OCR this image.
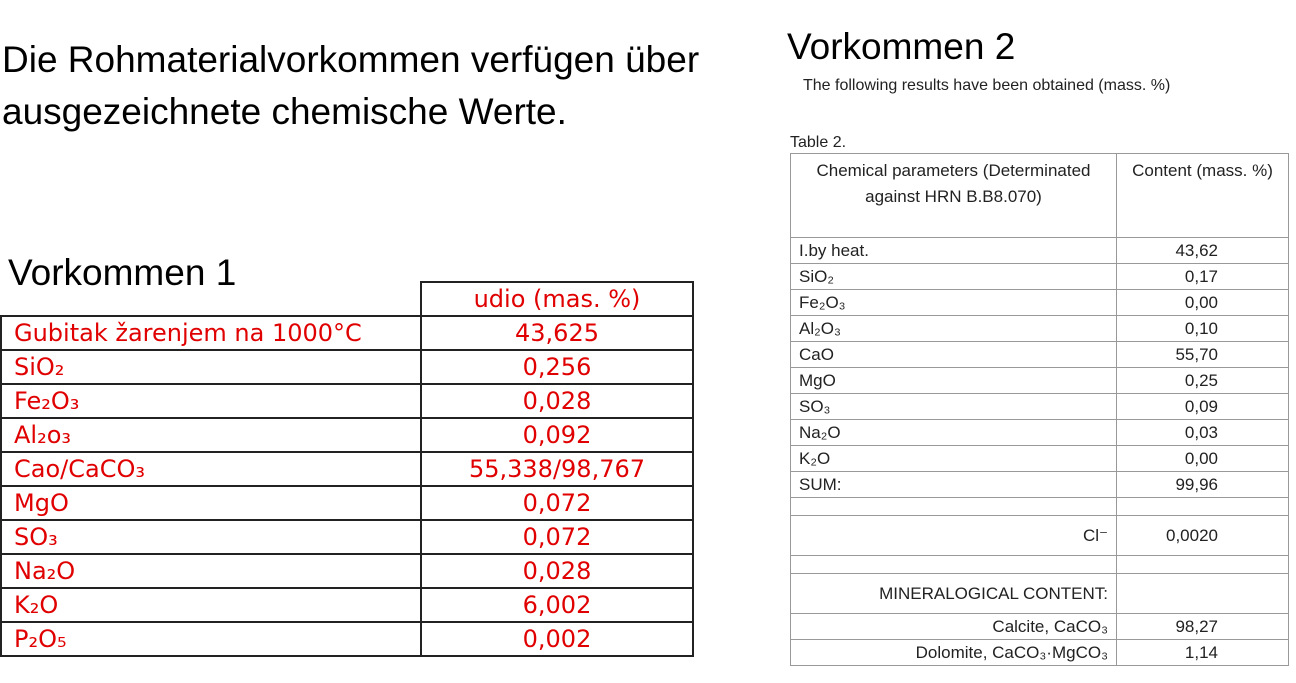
Die Rohmaterialvorkommen verfügen über ausgezeichnete chemische Werte.
Vorkommen 1
Vorkommen 2
The following results have been obtained (mass. %)
	udio (mas. %)
Gubitak žarenjem na 1000°C	43,625
SiO₂	0,256
Fe₂O₃	0,028
Al₂o₃	0,092
Cao/CaCO₃	55,338/98,767
MgO	0,072
SO₃	0,072
Na₂O	0,028
K₂O	6,002
P₂O₅	0,002
Table 2.
Chemical parameters (Determinated against HRN B.B8.070)	Content (mass. %)
I.by heat.	43,62
SiO₂	0,17
Fe₂O₃	0,00
Al₂O₃	0,10
CaO	55,70
MgO	0,25
SO₃	0,09
Na₂O	0,03
K₂O	0,00
SUM:	99,96

Cl⁻	0,0020

MINERALOGICAL CONTENT:	
Calcite, CaCO₃	98,27
Dolomite, CaCO₃·MgCO₃	1,14
